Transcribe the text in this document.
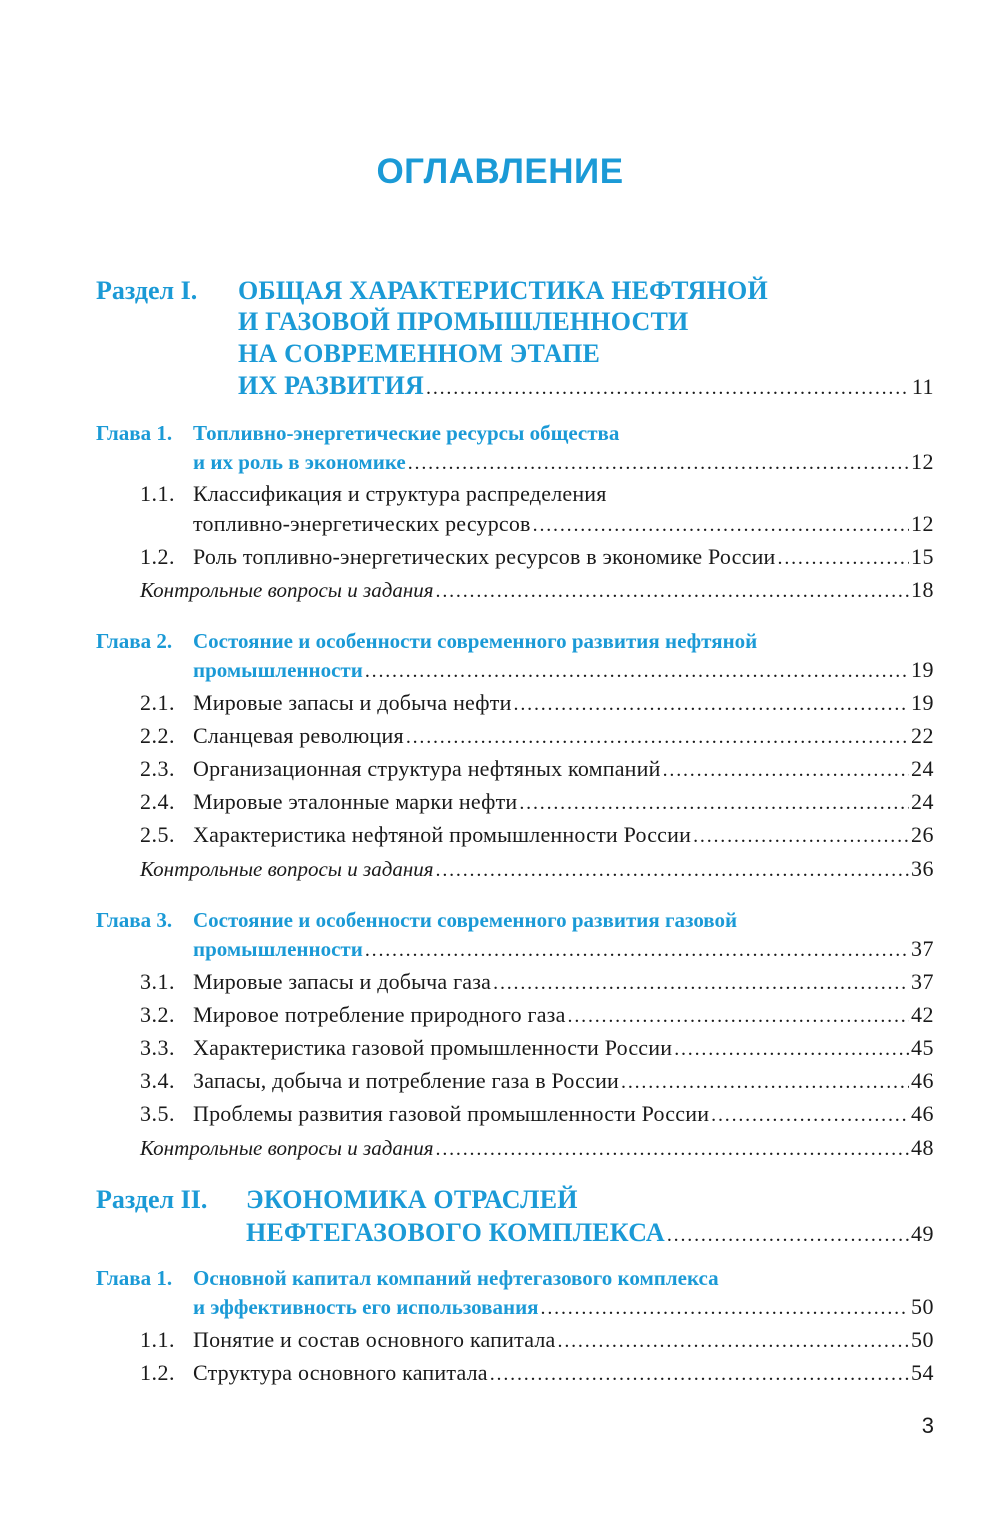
ОГЛАВЛЕНИЕ
Раздел I. ОБЩАЯ ХАРАКТЕРИСТИКА НЕФТЯНОЙ
И ГАЗОВОЙ ПРОМЫШЛЕННОСТИ
НА СОВРЕМЕННОМ ЭТАПЕ
ИХ РАЗВИТИЯ .....	11
Глава 1. Топливно-энергетические ресурсы общества
и их роль в экономике .....	12
1.1. Классификация и структура распределения
топливно-энергетических ресурсов .....	12
1.2. Роль топливно-энергетических ресурсов в экономике России .....	15
Контрольные вопросы и задания .....	18
Глава 2. Состояние и особенности современного развития нефтяной
промышленности .....	19
2.1. Мировые запасы и добыча нефти .....	19
2.2. Сланцевая революция .....	22
2.3. Организационная структура нефтяных компаний .....	24
2.4. Мировые эталонные марки нефти .....	24
2.5. Характеристика нефтяной промышленности России .....	26
Контрольные вопросы и задания .....	36
Глава 3. Состояние и особенности современного развития газовой
промышленности .....	37
3.1. Мировые запасы и добыча газа .....	37
3.2. Мировое потребление природного газа .....	42
3.3. Характеристика газовой промышленности России .....	45
3.4. Запасы, добыча и потребление газа в России .....	46
3.5. Проблемы развития газовой промышленности России .....	46
Контрольные вопросы и задания .....	48
Раздел II. ЭКОНОМИКА ОТРАСЛЕЙ
НЕФТЕГАЗОВОГО КОМПЛЕКСА .....	49
Глава 1. Основной капитал компаний нефтегазового комплекса
и эффективность его использования .....	50
1.1. Понятие и состав основного капитала .....	50
1.2. Структура основного капитала .....	54
3
